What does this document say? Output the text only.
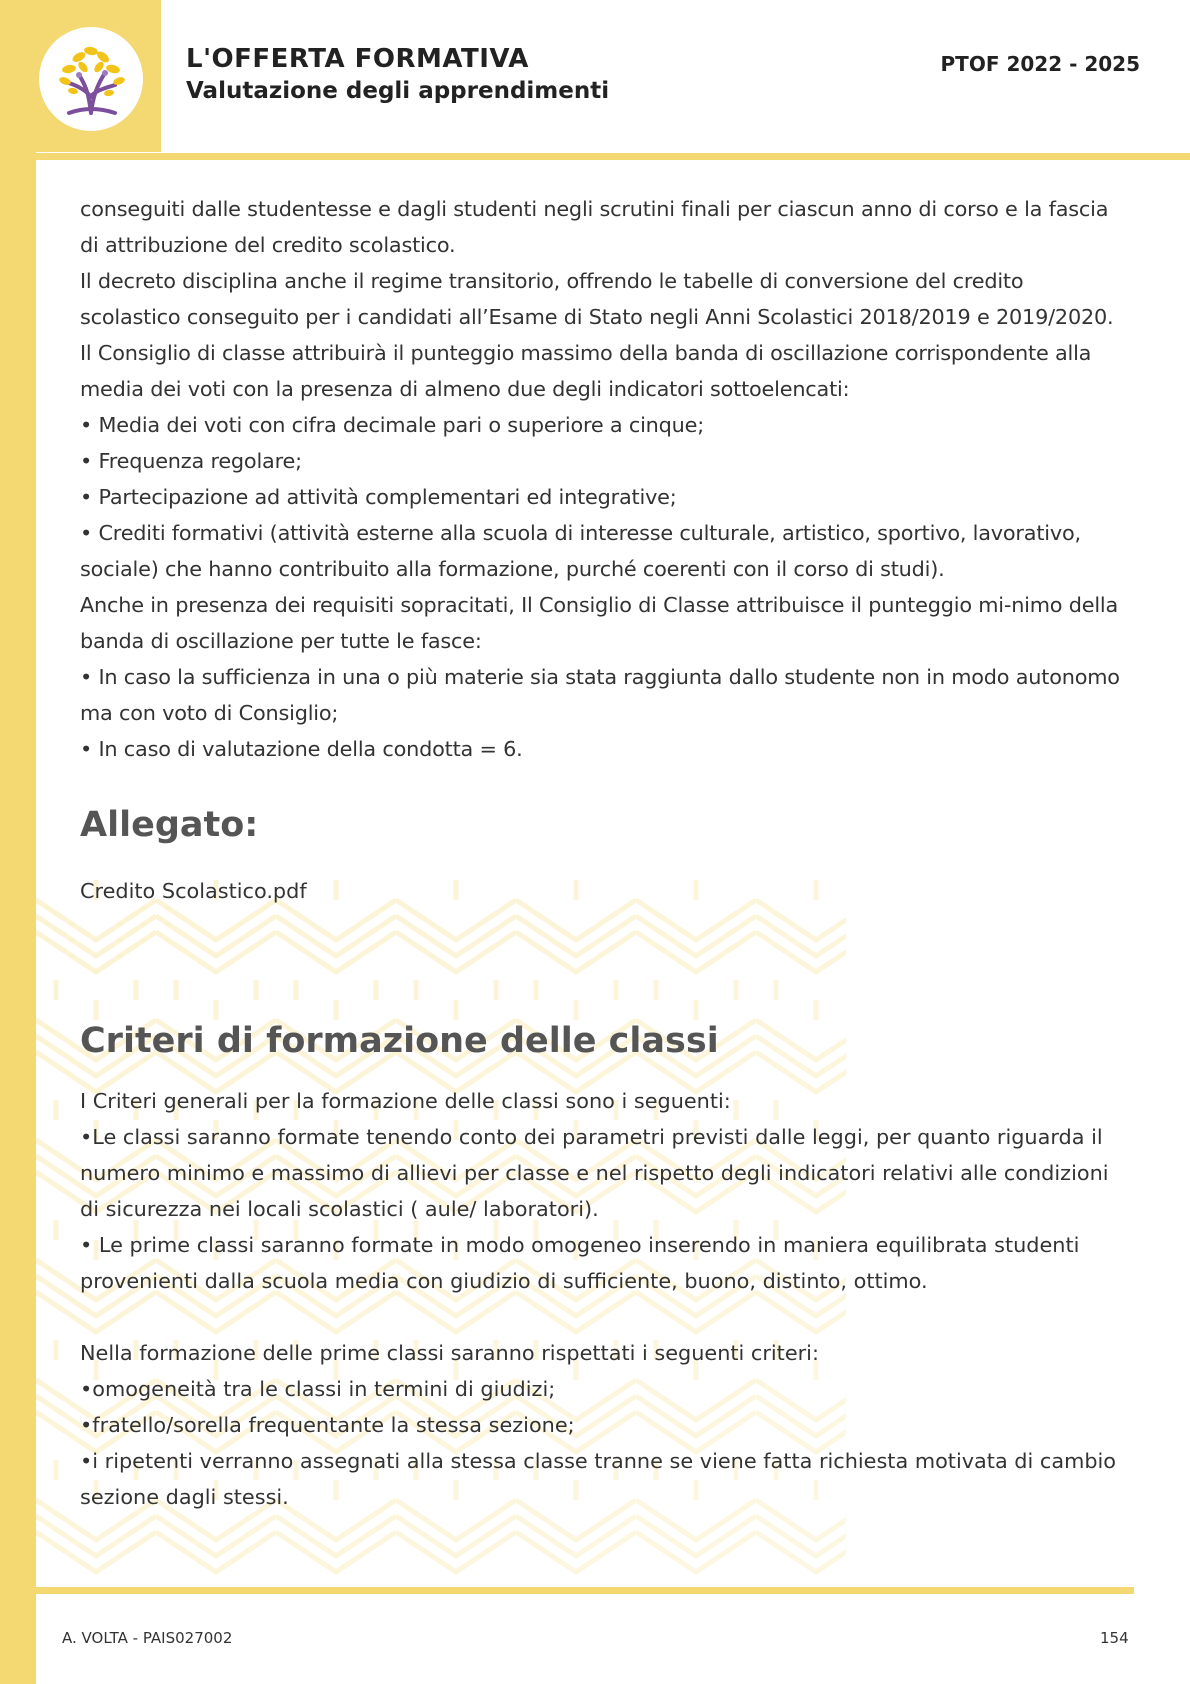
L'OFFERTA FORMATIVA
Valutazione degli apprendimenti
PTOF 2022 - 2025

conseguiti dalle studentesse e dagli studenti negli scrutini finali per ciascun anno di corso e la fascia di attribuzione del credito scolastico.

Il decreto disciplina anche il regime transitorio, offrendo le tabelle di conversione del credito scolastico conseguito per i candidati all’Esame di Stato negli Anni Scolastici 2018/2019 e 2019/2020.

Il Consiglio di classe attribuirà il punteggio massimo della banda di oscillazione corrispondente alla media dei voti con la presenza di almeno due degli indicatori sottoelencati:

• Media dei voti con cifra decimale pari o superiore a cinque;

• Frequenza regolare;

• Partecipazione ad attività complementari ed integrative;

• Crediti formativi (attività esterne alla scuola di interesse culturale, artistico, sportivo, lavorativo, sociale) che hanno contribuito alla formazione, purché coerenti con il corso di studi).

Anche in presenza dei requisiti sopracitati, Il Consiglio di Classe attribuisce il punteggio mi-nimo della banda di oscillazione per tutte le fasce:

• In caso la sufficienza in una o più materie sia stata raggiunta dallo studente non in modo autonomo ma con voto di Consiglio;

• In caso di valutazione della condotta = 6.

Allegato:
Credito Scolastico.pdf
Criteri di formazione delle classi

I Criteri generali per la formazione delle classi sono i seguenti:

•Le classi saranno formate tenendo conto dei parametri previsti dalle leggi, per quanto riguarda il numero minimo e massimo di allievi per classe e nel rispetto degli indicatori relativi alle condizioni di sicurezza nei locali scolastici ( aule/ laboratori).

• Le prime classi saranno formate in modo omogeneo inserendo in maniera equilibrata studenti provenienti dalla scuola media con giudizio di sufficiente, buono, distinto, ottimo.

Nella formazione delle prime classi saranno rispettati i seguenti criteri:

•omogeneità tra le classi in termini di giudizi;

•fratello/sorella frequentante la stessa sezione;

•i ripetenti verranno assegnati alla stessa classe tranne se viene fatta richiesta motivata di cambio sezione dagli stessi.

A. VOLTA - PAIS027002	154
